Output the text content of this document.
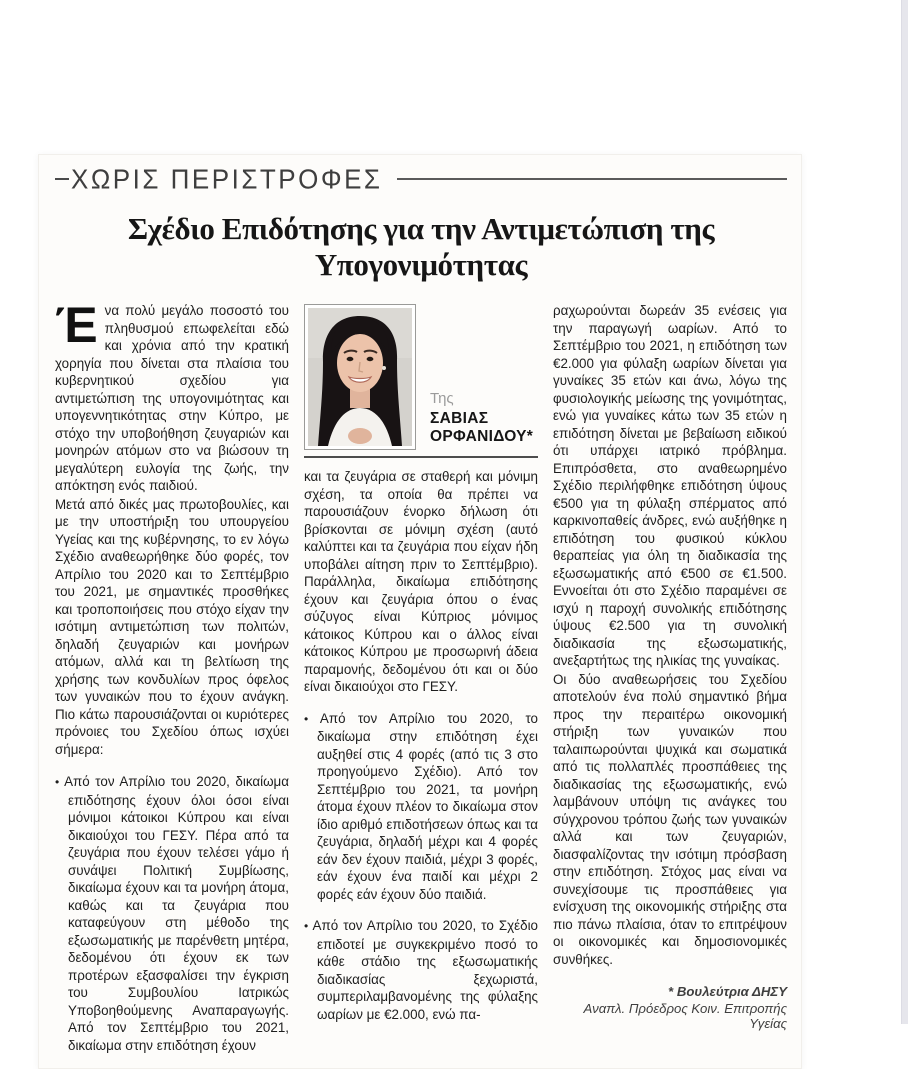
ΧΩΡΙΣ ΠΕΡΙΣΤΡΟΦΕΣ
Σχέδιο Επιδότησης για την Αντιμετώπιση της Υπογονιμότητας

Ένα πολύ μεγάλο ποσοστό του πληθυσμού επωφελείται εδώ και χρόνια από την κρατική χορηγία που δίνεται στα πλαίσια του κυβερνητικού σχεδίου για αντιμετώπιση της υπογονιμότητας και υπογεννητικότητας στην Κύπρο, με στόχο την υποβοήθηση ζευγαριών και μονηρών ατόμων στο να βιώσουν τη μεγαλύτερη ευλογία της ζωής, την απόκτηση ενός παιδιού.

Μετά από δικές μας πρωτοβουλίες, και με την υποστήριξη του υπουργείου Υγείας και της κυβέρνησης, το εν λόγω Σχέδιο αναθεωρήθηκε δύο φορές, τον Απρίλιο του 2020 και το Σεπτέμβριο του 2021, με σημαντικές προσθήκες και τροποποιήσεις που στόχο είχαν την ισότιμη αντιμετώπιση των πολιτών, δηλαδή ζευγαριών και μονήρων ατόμων, αλλά και τη βελτίωση της χρήσης των κονδυλίων προς όφελος των γυναικών που το έχουν ανάγκη. Πιο κάτω παρουσιάζονται οι κυριότερες πρόνοιες του Σχεδίου όπως ισχύει σήμερα:

• Από τον Απρίλιο του 2020, δικαίωμα επιδότησης έχουν όλοι όσοι είναι μόνιμοι κάτοικοι Κύπρου και είναι δικαιούχοι του ΓΕΣΥ. Πέρα από τα ζευγάρια που έχουν τελέσει γάμο ή συνάψει Πολιτική Συμβίωσης, δικαίωμα έχουν και τα μονήρη άτομα, καθώς και τα ζευγάρια που καταφεύγουν στη μέθοδο της εξωσωματικής με παρένθετη μητέρα, δεδομένου ότι έχουν εκ των προτέρων εξασφαλίσει την έγκριση του Συμβουλίου Ιατρικώς Υποβοηθούμενης Αναπαραγωγής. Από τον Σεπτέμβριο του 2021, δικαίωμα στην επιδότηση έχουν

Της
ΣΑΒΙΑΣ
ΟΡΦΑΝΙΔΟΥ*

και τα ζευγάρια σε σταθερή και μόνιμη σχέση, τα οποία θα πρέπει να παρουσιάζουν ένορκο δήλωση ότι βρίσκονται σε μόνιμη σχέση (αυτό καλύπτει και τα ζευγάρια που είχαν ήδη υποβάλει αίτηση πριν το Σεπτέμβριο). Παράλληλα, δικαίωμα επιδότησης έχουν και ζευγάρια όπου ο ένας σύζυγος είναι Κύπριος μόνιμος κάτοικος Κύπρου και ο άλλος είναι κάτοικος Κύπρου με προσωρινή άδεια παραμονής, δεδομένου ότι και οι δύο είναι δικαιούχοι στο ΓΕΣΥ.

• Από τον Απρίλιο του 2020, το δικαίωμα στην επιδότηση έχει αυξηθεί στις 4 φορές (από τις 3 στο προηγούμενο Σχέδιο). Από τον Σεπτέμβριο του 2021, τα μονήρη άτομα έχουν πλέον το δικαίωμα στον ίδιο αριθμό επιδοτήσεων όπως και τα ζευγάρια, δηλαδή μέχρι και 4 φορές εάν δεν έχουν παιδιά, μέχρι 3 φορές, εάν έχουν ένα παιδί και μέχρι 2 φορές εάν έχουν δύο παιδιά.

• Από τον Απρίλιο του 2020, το Σχέδιο επιδοτεί με συγκεκριμένο ποσό το κάθε στάδιο της εξωσωματικής διαδικασίας ξεχωριστά, συμπεριλαμβανομένης της φύλαξης ωαρίων με €2.000, ενώ πα-

ραχωρούνται δωρεάν 35 ενέσεις για την παραγωγή ωαρίων. Από το Σεπτέμβριο του 2021, η επιδότηση των €2.000 για φύλαξη ωαρίων δίνεται για γυναίκες 35 ετών και άνω, λόγω της φυσιολογικής μείωσης της γονιμότητας, ενώ για γυναίκες κάτω των 35 ετών η επιδότηση δίνεται με βεβαίωση ειδικού ότι υπάρχει ιατρικό πρόβλημα. Επιπρόσθετα, στο αναθεωρημένο Σχέδιο περιλήφθηκε επιδότηση ύψους €500 για τη φύλαξη σπέρματος από καρκινοπαθείς άνδρες, ενώ αυξήθηκε η επιδότηση του φυσικού κύκλου θεραπείας για όλη τη διαδικασία της εξωσωματικής από €500 σε €1.500. Εννοείται ότι στο Σχέδιο παραμένει σε ισχύ η παροχή συνολικής επιδότησης ύψους €2.500 για τη συνολική διαδικασία της εξωσωματικής, ανεξαρτήτως της ηλικίας της γυναίκας.

Οι δύο αναθεωρήσεις του Σχεδίου αποτελούν ένα πολύ σημαντικό βήμα προς την περαιτέρω οικονομική στήριξη των γυναικών που ταλαιπωρούνται ψυχικά και σωματικά από τις πολλαπλές προσπάθειες της διαδικασίας της εξωσωματικής, ενώ λαμβάνουν υπόψη τις ανάγκες του σύγχρονου τρόπου ζωής των γυναικών αλλά και των ζευγαριών, διασφαλίζοντας την ισότιμη πρόσβαση στην επιδότηση. Στόχος μας είναι να συνεχίσουμε τις προσπάθειες για ενίσχυση της οικονομικής στήριξης στα πιο πάνω πλαίσια, όταν το επιτρέψουν οι οικονομικές και δημοσιονομικές συνθήκες.

* Βουλεύτρια ΔΗΣΥ

Αναπλ. Πρόεδρος Κοιν. Επιτροπής Υγείας
